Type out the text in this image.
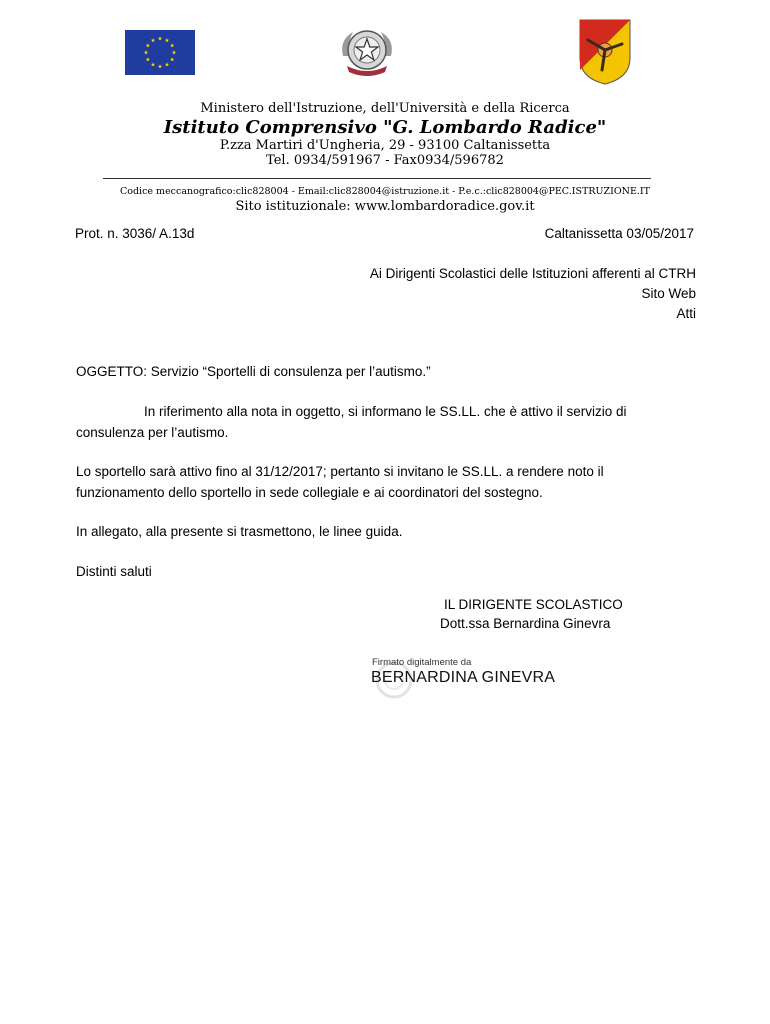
Ministero dell'Istruzione, dell'Università e della Ricerca
Istituto Comprensivo "G. Lombardo Radice"
P.zza Martiri d'Ungheria, 29 - 93100 Caltanissetta
Tel. 0934/591967 - Fax0934/596782
Codice meccanografico:clic828004 - Email:clic828004@istruzione.it - P.e.c.:clic828004@PEC.ISTRUZIONE.IT
Sito istituzionale: www.lombardoradice.gov.it
Prot. n. 3036/ A.13d	Caltanissetta 03/05/2017
Ai Dirigenti Scolastici delle Istituzioni afferenti al CTRH
Sito Web
Atti
OGGETTO: Servizio “Sportelli di consulenza per l’autismo.”
In riferimento alla nota in oggetto, si informano le SS.LL. che è attivo il servizio di
consulenza per l’autismo.
Lo sportello sarà attivo fino al 31/12/2017; pertanto si invitano le SS.LL. a rendere noto il
funzionamento dello sportello in sede collegiale e ai coordinatori del sostegno.
In allegato, alla presente si trasmettono, le linee guida.
Distinti saluti
IL DIRIGENTE SCOLASTICO
Dott.ssa Bernardina Ginevra
Firmato digitalmente da
BERNARDINA GINEVRA
